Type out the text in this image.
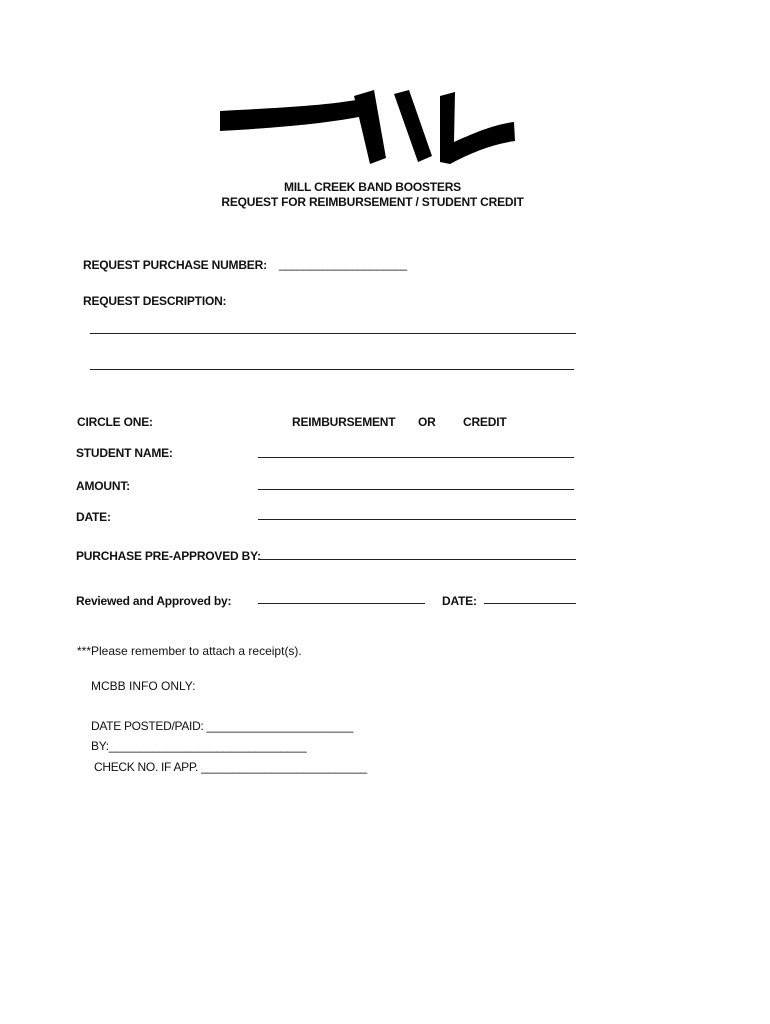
MILL CREEK BAND BOOSTERS
REQUEST FOR REIMBURSEMENT / STUDENT CREDIT
REQUEST PURCHASE NUMBER: _____________________
REQUEST DESCRIPTION:
CIRCLE ONE:	REIMBURSEMENT OR CREDIT
STUDENT NAME:
AMOUNT:
DATE:
PURCHASE PRE-APPROVED BY:
Reviewed and Approved by:	DATE:
***Please remember to attach a receipt(s).
MCBB INFO ONLY:
DATE POSTED/PAID: _______________________
BY:_______________________________
CHECK NO. IF APP. __________________________
